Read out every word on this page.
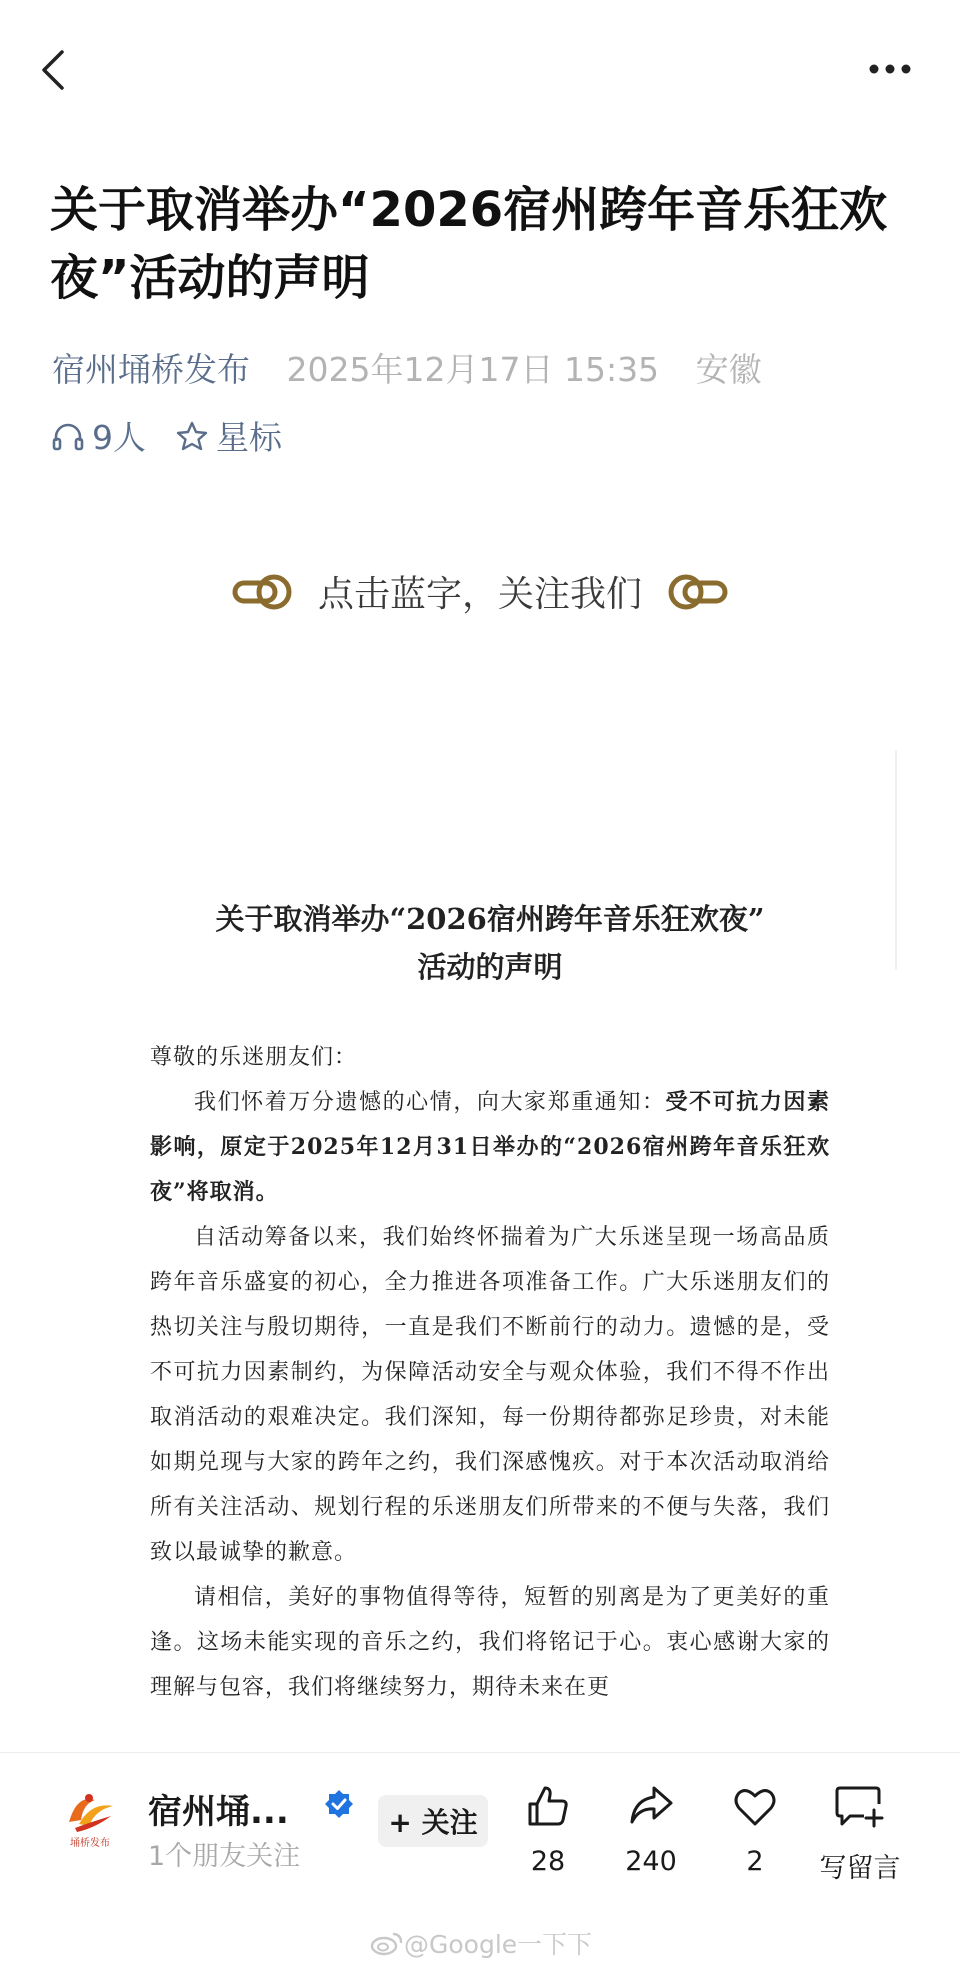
关于取消举办“2026宿州跨年音乐狂欢夜”活动的声明
宿州埇桥发布 2025年12月17日 15:35 安徽
9人 星标
点击蓝字，关注我们
关于取消举办“2026宿州跨年音乐狂欢夜”
活动的声明

尊敬的乐迷朋友们：

我们怀着万分遗憾的心情，向大家郑重通知：受不可抗力因素影响，原定于2025年12月31日举办的“2026宿州跨年音乐狂欢夜”将取消。

自活动筹备以来，我们始终怀揣着为广大乐迷呈现一场高品质跨年音乐盛宴的初心，全力推进各项准备工作。广大乐迷朋友们的热切关注与殷切期待，一直是我们不断前行的动力。遗憾的是，受不可抗力因素制约，为保障活动安全与观众体验，我们不得不作出取消活动的艰难决定。我们深知，每一份期待都弥足珍贵，对未能如期兑现与大家的跨年之约，我们深感愧疚。对于本次活动取消给所有关注活动、规划行程的乐迷朋友们所带来的不便与失落，我们致以最诚挚的歉意。

请相信，美好的事物值得等待，短暂的别离是为了更美好的重逢。这场未能实现的音乐之约，我们将铭记于心。衷心感谢大家的理解与包容，我们将继续努力，期待未来在更

埇桥发布
宿州埇...
1个朋友关注
+ 关注
28	240	2	写留言
@Google一下下
